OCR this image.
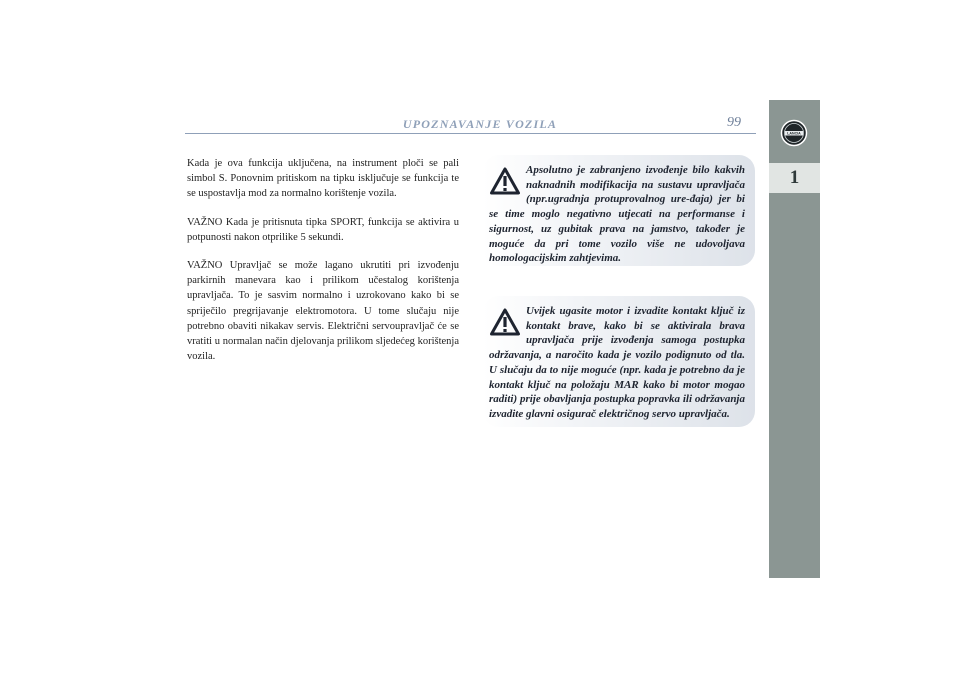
UPOZNAVANJE VOZILA	99
LANCIA
1

Kada je ova funkcija uključena, na instrument ploči se pali simbol S. Ponovnim pritiskom na tipku isključuje se funkcija te se uspostavlja mod za normalno korištenje vozila.

VAŽNO Kada je pritisnuta tipka SPORT, funkcija se aktivira u potpunosti nakon otprilike 5 sekundi.

VAŽNO Upravljač se može lagano ukrutiti pri izvođenju parkirnih manevara kao i prilikom učestalog korištenja upravljača. To je sasvim normalno i uzrokovano kako bi se spriječilo pregrijavanje elektromotora. U tome slučaju nije potrebno obaviti nikakav servis. Električni servoupravljač će se vratiti u normalan način djelovanja prilikom sljedećeg korištenja vozila.

Apsolutno je zabranjeno izvođenje bilo kakvih naknadnih modifikacija na sustavu upravljača (npr.ugradnja protuprovalnog ure-đaja) jer bi se time moglo negativno utjecati na performanse i sigurnost, uz gubitak prava na jamstvo, također je moguće da pri tome vozilo više ne udovoljava homologacijskim zahtjevima.

Uvijek ugasite motor i izvadite kontakt ključ iz kontakt brave, kako bi se aktivirala brava upravljača prije izvođenja samoga postupka održavanja, a naročito kada je vozilo podignuto od tla. U slučaju da to nije moguće (npr. kada je potrebno da je kontakt ključ na položaju MAR kako bi motor mogao raditi) prije obavljanja postupka popravka ili održavanja izvadite glavni osigurač električnog servo upravljača.
